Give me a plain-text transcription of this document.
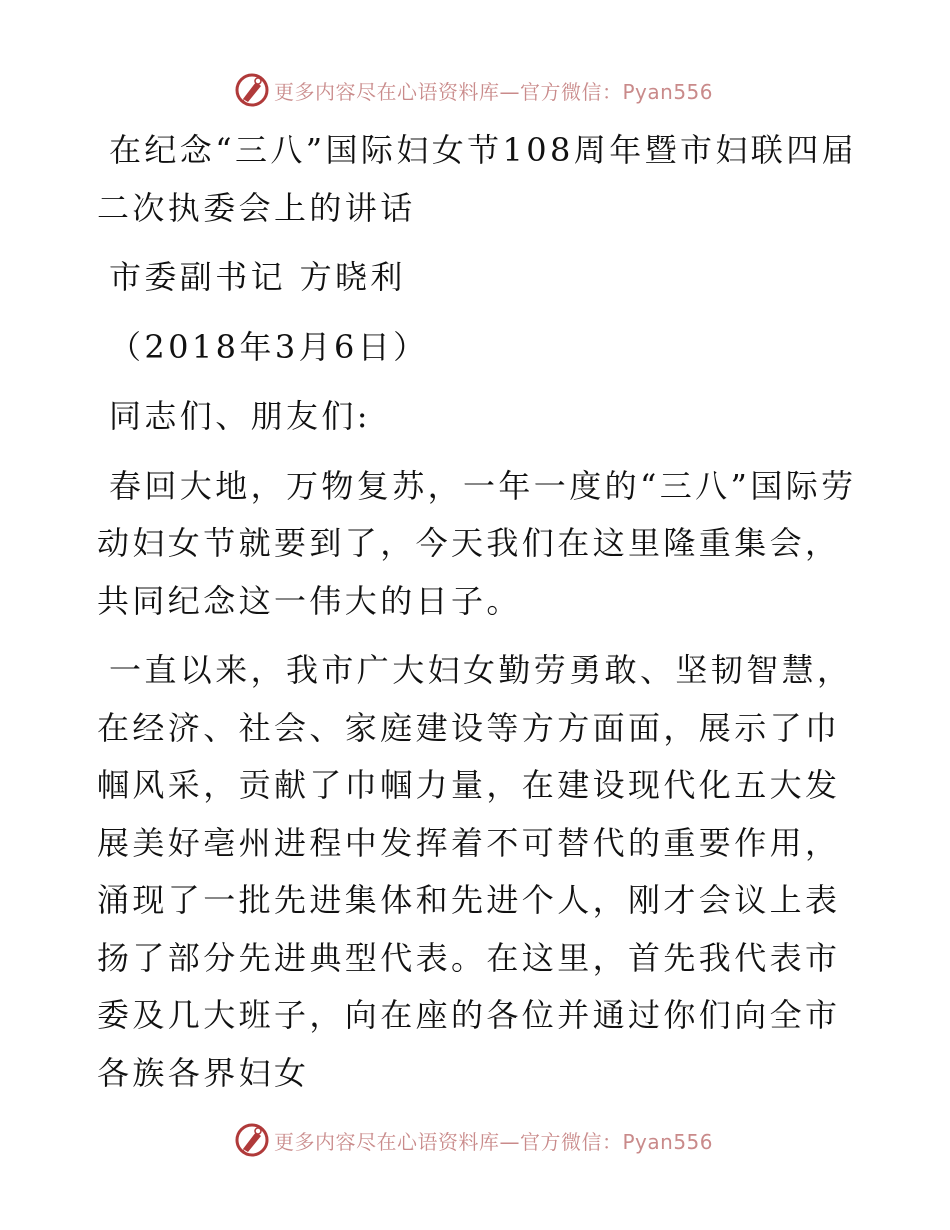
更多内容尽在心语资料库—官方微信：Pyan556

在纪念“三八”国际妇女节108周年暨市妇联四届二次执委会上的讲话

市委副书记 方晓利

（2018年3月6日）

同志们、朋友们:

春回大地，万物复苏，一年一度的“三八”国际劳动妇女节就要到了，今天我们在这里隆重集会，共同纪念这一伟大的日子。

一直以来，我市广大妇女勤劳勇敢、坚韧智慧，在经济、社会、家庭建设等方方面面，展示了巾帼风采，贡献了巾帼力量，在建设现代化五大发展美好亳州进程中发挥着不可替代的重要作用，涌现了一批先进集体和先进个人，刚才会议上表扬了部分先进典型代表。在这里，首先我代表市委及几大班子，向在座的各位并通过你们向全市各族各界妇女

更多内容尽在心语资料库—官方微信：Pyan556
